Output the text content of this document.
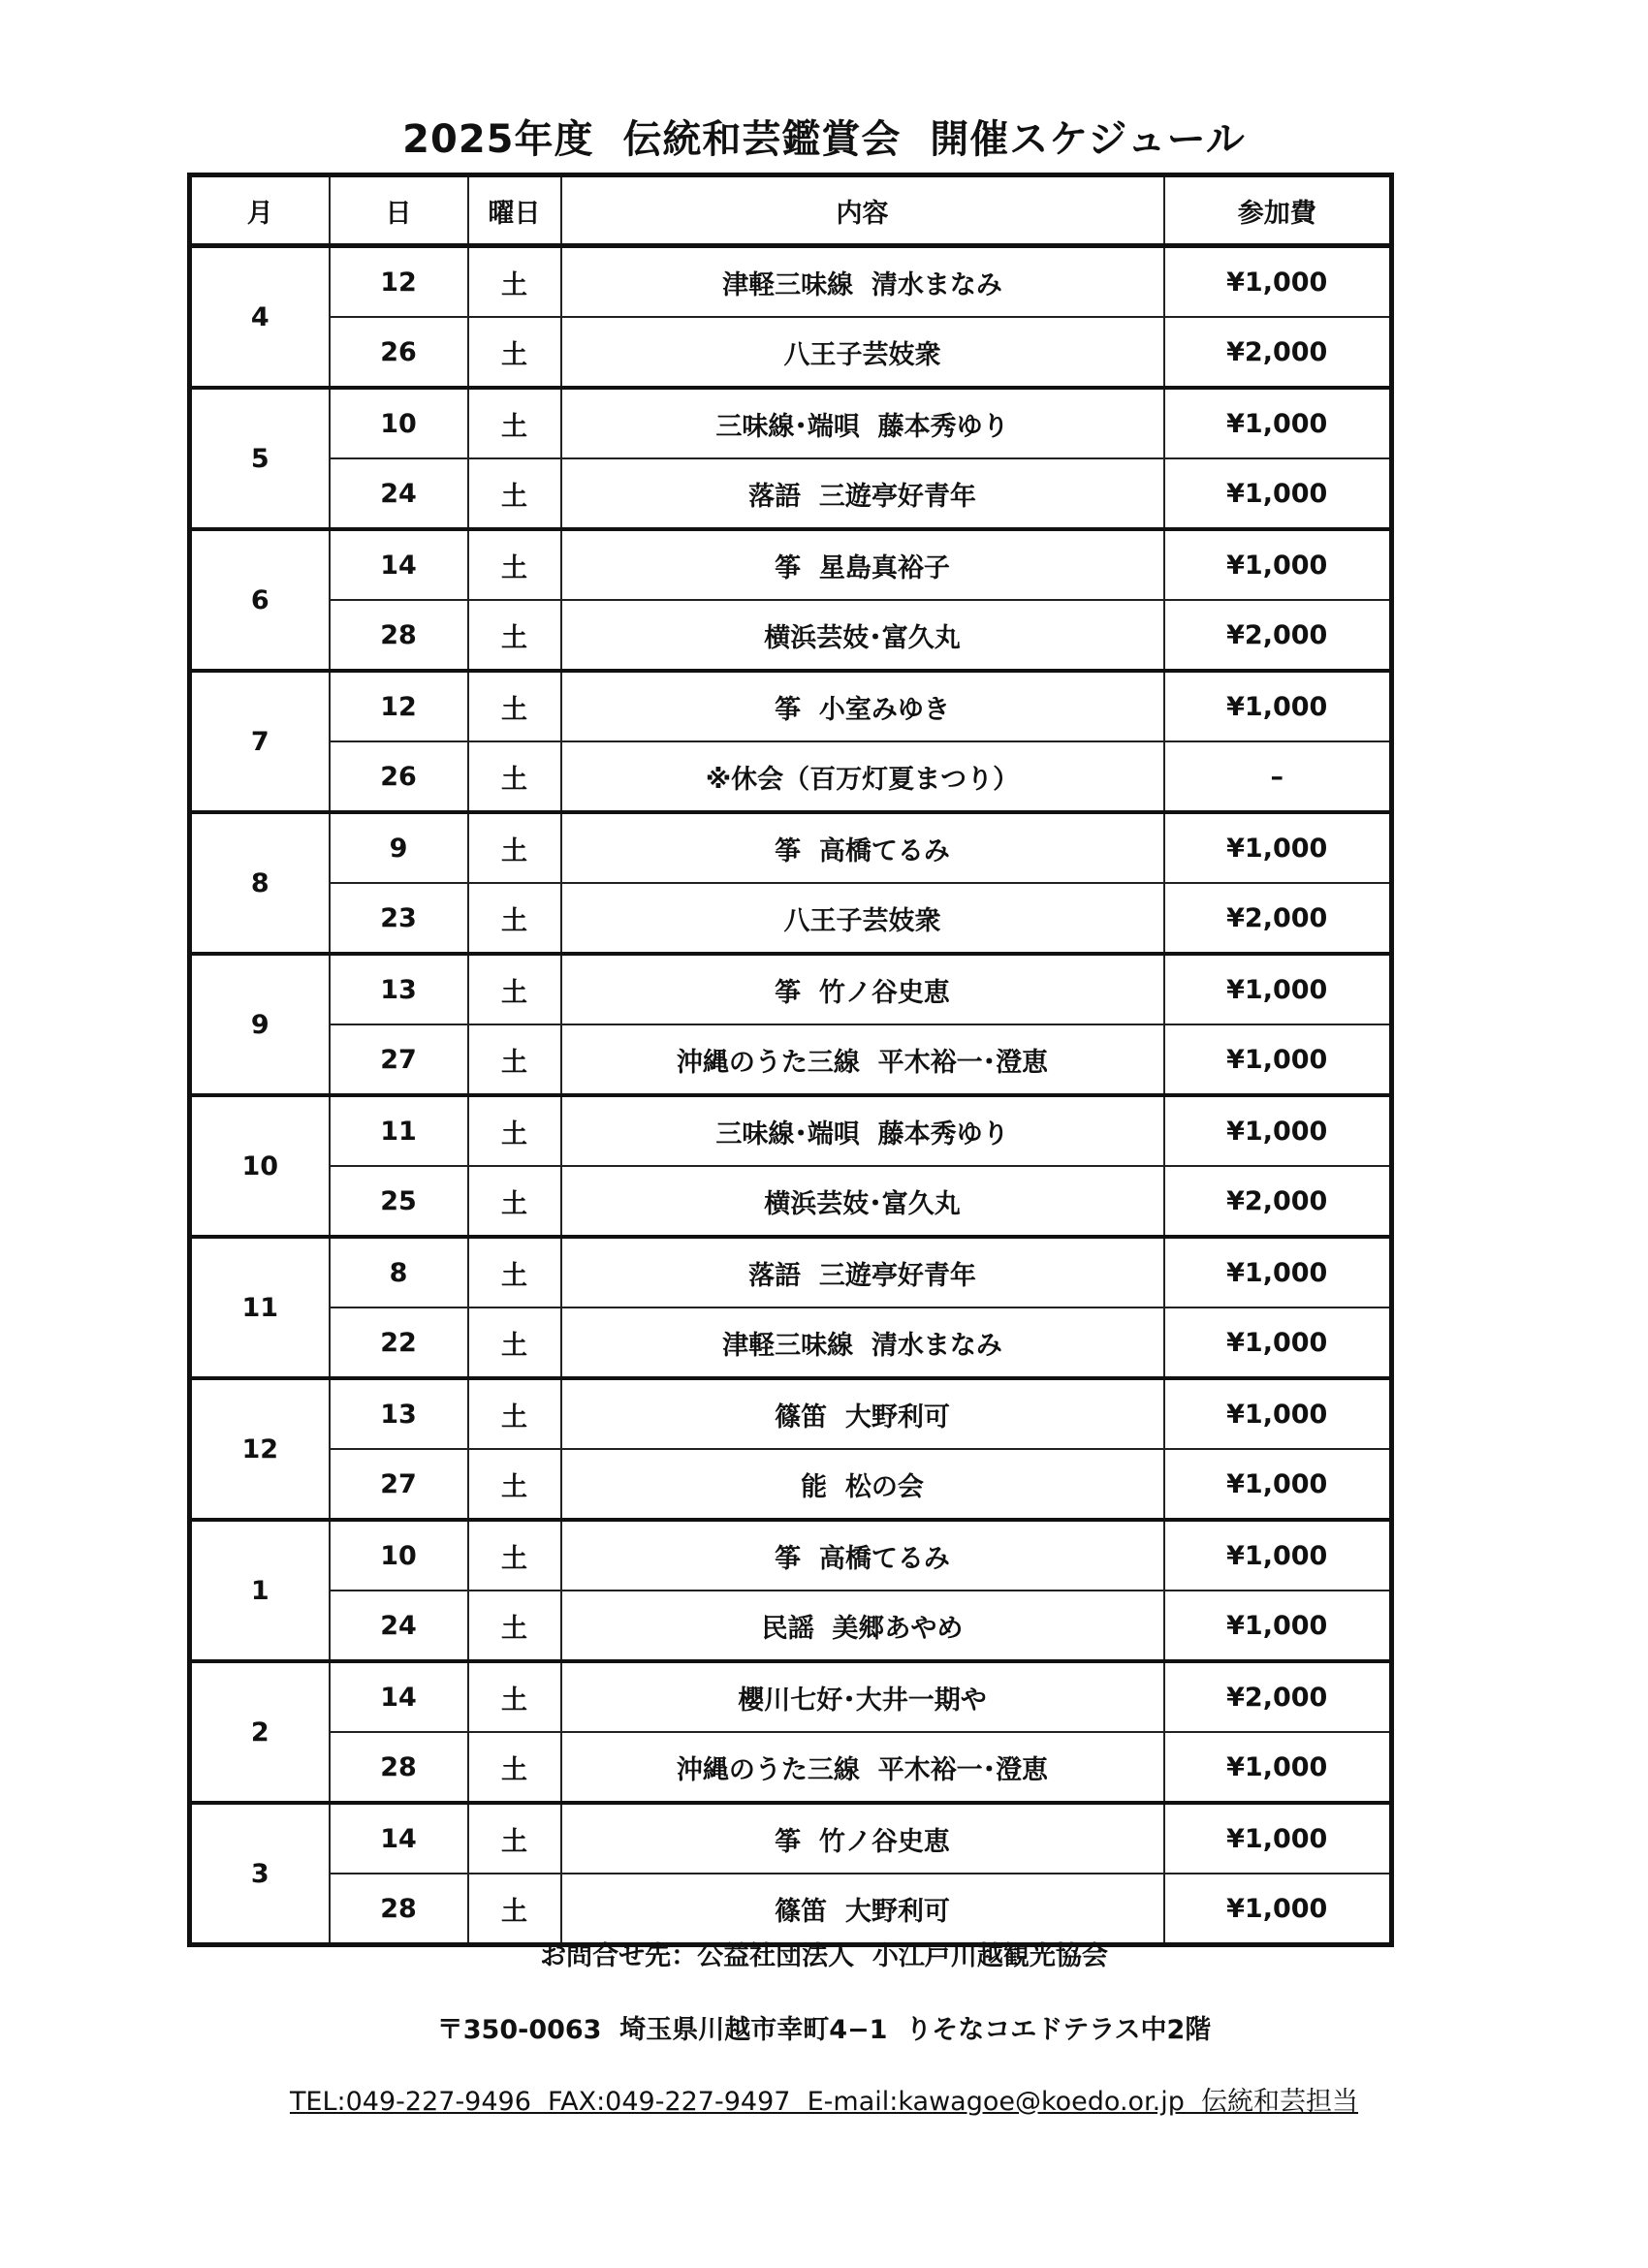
2025年度  伝統和芸鑑賞会  開催スケジュール
月	日	曜日	内容	参加費
4	12	土	津軽三味線  清水まなみ	¥1,000
	26	土	八王子芸妓衆	¥2,000
5	10	土	三味線･端唄  藤本秀ゆり	¥1,000
	24	土	落語  三遊亭好青年	¥1,000
6	14	土	筝  星島真裕子	¥1,000
	28	土	横浜芸妓･富久丸	¥2,000
7	12	土	筝  小室みゆき	¥1,000
	26	土	※休会（百万灯夏まつり）	–
8	9	土	筝  高橋てるみ	¥1,000
	23	土	八王子芸妓衆	¥2,000
9	13	土	筝  竹ノ谷史恵	¥1,000
	27	土	沖縄のうた三線  平木裕一･澄恵	¥1,000
10	11	土	三味線･端唄  藤本秀ゆり	¥1,000
	25	土	横浜芸妓･富久丸	¥2,000
11	8	土	落語  三遊亭好青年	¥1,000
	22	土	津軽三味線  清水まなみ	¥1,000
12	13	土	篠笛  大野利可	¥1,000
	27	土	能  松の会	¥1,000
1	10	土	筝  高橋てるみ	¥1,000
	24	土	民謡  美郷あやめ	¥1,000
2	14	土	櫻川七好･大井一期や	¥2,000
	28	土	沖縄のうた三線  平木裕一･澄恵	¥1,000
3	14	土	筝  竹ノ谷史恵	¥1,000
	28	土	篠笛  大野利可	¥1,000
お問合せ先：公益社団法人  小江戸川越観光協会
〒350-0063  埼玉県川越市幸町4−1  りそなコエドテラス中2階
TEL:049-227-9496  FAX:049-227-9497  E-mail:kawagoe@koedo.or.jp  伝統和芸担当
